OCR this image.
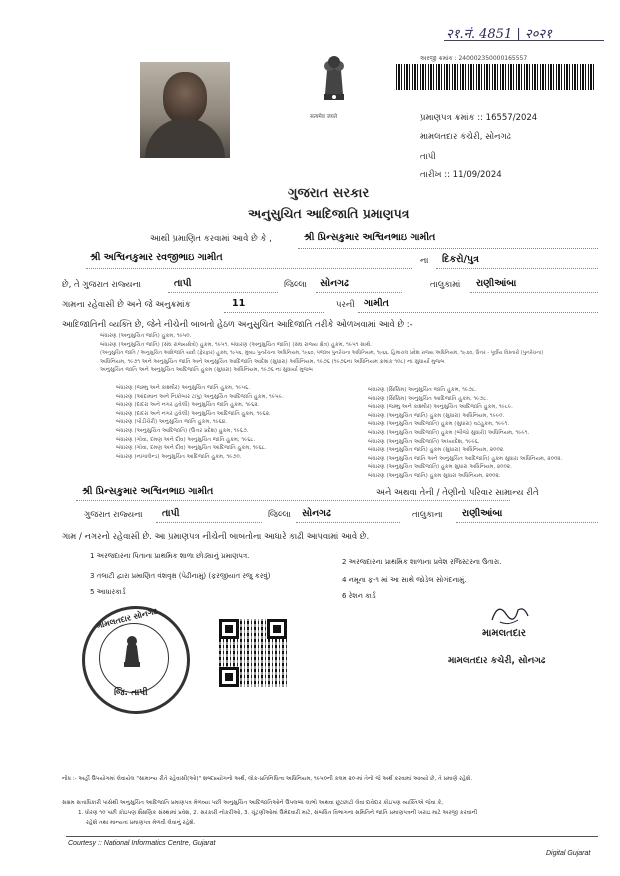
२१.नं. 4851 | २०२१
सत्यमेव जयते
અરજી ક્રમાંક : 240002350000165557
પ્રમાણપત્ર ક્રમાંક :: 16557/2024
મામલતદાર કચેરી, સોનગઢ
તાપી
તારીખ :: 11/09/2024
ગુજરાત સરકાર
અનુસુચિત આદિજાતિ પ્રમાણપત્ર
આથી પ્રમાણિત કરવામાં આવે છે કે ,	શ્રી પ્રિન્સકુમાર અશ્વિનભાઇ ગામીત
શ્રી અશ્વિનકુમાર રવજીભાઇ ગામીત	ના દિકરો/પુત્ર
છે, તે ગુજરાત રાજ્યના	તાપી	જિલ્લા સોનગઢ	તાલુકામાં રાણીઆંબા
ગામના રહેવાસી છે અને જે અનુક્રમાંક	11	પરની ગામીત
આદિજાતિની વ્યક્તિ છે, જેને નીચેની બાબતો હેઠળ અનુસુચિત આદિજાતિ તરીકે ઓળખવામાં આવે છે :-
બંધારણ (અનુસુચિત જાતિ) હુકમ, ૧૯૫૦.
બંધારણ (અનુસુચિત જાતિ) (સંઘ રાજ્યક્ષેત્રો) હુકમ, ૧૯૫૧. બંધારણ (અનુસુચિત જાતિ) (સંઘ રાજ્ય ક્ષેત્ર) હુકમ, ૧૯૫૧ સાથે.
(અનુસુચિત જાતિ / અનુસુચિત આદિજાતિ યાદી (ફેરફાર) હુકમ, ૧૯૫૬, મુંબઇ પુનર્રચના અધિનિયમ, ૧૯૬૦, પંજાબ પુનર્રચના અધિનિયમ, ૧૯૬૬. હિમાચલ પ્રદેશ રાજ્ય અધિનિયમ, ૧૯૭૦, ઉત્તર - પૂર્વીય વિસ્તારો (પુનર્રચના)
અધિનિયમ, ૧૯૭૧ અને અનુસુચિત જાતિ અને અનુસુચિત આદિજાતિ આદેશ (સુધારા) અધિનિયમ, ૧૯૭૬ (૧૯૭૬ના અધિનિયમ ક્રમાંક ૧૦૮) ના સુધાર્યા મુજબ
અનુસુચિત જાતિ અને અનુસુચિત આદિજાતિ હુકમ (સુધારા) અધિનિયમ, ૧૯૭૬ ના સુધાર્યા મુજબ
બંધારણ (જમ્મુ અને કાશ્મીર) અનુસુચિત જાતિ હુકમ, ૧૯૫૬.
બંધારણ (આંદામાન અને નિકોબાર ટાપુ) અનુસુચિત આદિજાતિ હુકમ, ૧૯૫૯.
બંધારણ (દાદરા અને નગર હવેલી) અનુસુચિત જાતિ હુકમ, ૧૯૬૨.
બંધારણ (દાદરા અને નગર હવેલી) અનુસુચિત આદિજાતિ હુકમ, ૧૯૬૨.
બંધારણ (પોંડીચેરી) અનુસુચિત જાતિ હુકમ, ૧૯૬૪.
બંધારણ (અનુસુચિત આદિજાતિ) (ઉત્તર પ્રદેશ) હુકમ, ૧૯૬૭.
બંધારણ (ગોવા, દમણ અને દીવ) અનુસુચિત જાતિ હુકમ, ૧૯૬૮.
બંધારણ (ગોવા, દમણ અને દીવ) અનુસુચિત આદિજાતિ હુકમ, ૧૯૬૮.
બંધારણ (નાગાલેન્ડ) અનુસુચિત આદિજાતિ હુકમ, ૧૯૭૦.
બંધારણ (સિક્કિમ) અનુસુચિત જાતિ હુકમ, ૧૯૭૮.
બંધારણ (સિક્કિમ) અનુસુચિત આદિજાતિ હુકમ, ૧૯૭૮.
બંધારણ (જમ્મુ અને કાશ્મીર) અનુસુચિત આદિજાતિ હુકમ, ૧૯૮૯.
બંધારણ (અનુસુચિત જાતિ) હુકમ (સુધારા) અધિનિયમ, ૧૯૯૦.
બંધારણ (અનુસુચિત આદિજાતિ) હુકમ (સુધારા) વટહુકમ, ૧૯૯૧.
બંધારણ (અનુસુચિત આદિજાતિ) હુકમ (બીજો સુધારો) અધિનિયમ, ૧૯૯૧.
બંધારણ (અનુસુચિત આદિજાતિ) અધ્યાદેશ, ૧૯૯૬.
બંધારણ (અનુસુચિત જાતિ) હુકમ (સુધારા) અધિનિયમ, ૨૦૦૨.
બંધારણ (અનુસુચિત જાતિ અને અનુસુચિત આદિજાતિ) હુકમ સુધારા અધિનિયમ, ૨૦૦૨.
બંધારણ (અનુસુચિત આદિજાતિ) હુકમ સુધારા અધિનિયમ, ૨૦૦૨.
બંધારણ (અનુસુચિત જાતિ) હુકમ સુધારા અધિનિયમ, ૨૦૦૨.
શ્રી પ્રિન્સકુમાર અશ્વિનભાઇ ગામીત	અને અથવા તેની / તેણીનો પરિવાર સામાન્ય રીતે
ગુજરાત રાજ્યના તાપી	જિલ્લા સોનગઢ	તાલુકાના રાણીઆંબા
ગામ / નગરનો રહેવાસી છે. આ પ્રમાણપત્ર નીચેની બાબતોના આધારે કાઢી આપવામાં આવે છે.
1 અરજદારના પિતાના પ્રાથમિક શાળા છોડ્યાનું પ્રમાણપત્ર.
3 તલાટી દ્વારા પ્રમાણિત વંશવૃક્ષ (પેઢીનામું) (ફરજીયાત રજુ કરવું)
5 આધારકાર્ડ
2 અરજદારના પ્રાથમિક શાળાના પ્રવેશ રજિસ્ટરના ઉતારા.
4 નમૂના ફ-૧ માં આ સાથે જોડેલ સોગંદનામું.
6 રેશન કાર્ડ
મામલતદાર સોનગઢ
જિ. તાપી
મામલતદાર
મામલતદાર કચેરી, સોનગઢ
નોંધ :- અહીં ઉપયોગમાં લેવાયેલ "સામાન્ય રીતે રહેવાસી(ઓ)" શબ્દપ્રયોગનો અર્થ, લોક-પ્રતિનિધિત્વ અધિનિયમ, ૧૯૫૦ની કલમ ૨૦-માં તેનો જે અર્થ કરવામાં આવ્યો છે, તે પ્રમાણે રહેશે.
સક્ષમ સત્તાધિકારી પાસેથી અનુસુચિત આદિજાતિ પ્રમાણપત્ર મેળવ્યા પછી અનુસુચિત આદિજાતિઓને ઉપલબ્ધ લાભો અથવા છૂટછાટો લેવા દાવેદાર કોઇપણ વ્યક્તિએ જેવા કે,
1. ધોરણ ૧૦ પછી કોઇપણ શૈક્ષણિક સંસ્થામાં પ્રવેશ, 2. સરકારી નોકરીઓ, 3. ચૂંટણીઓમાં ઉમેદવારી માટે, સંબંધિત વિભાગના સમિતિને જાતિ પ્રમાણપત્રની ખરાઇ માટે અરજી કરવાની
રહેશે તથા માન્યતા પ્રમાણપત્ર મેળવી લેવાનું રહેશે.
Courtesy :: National Informatics Centre, Gujarat
Digital Gujarat
